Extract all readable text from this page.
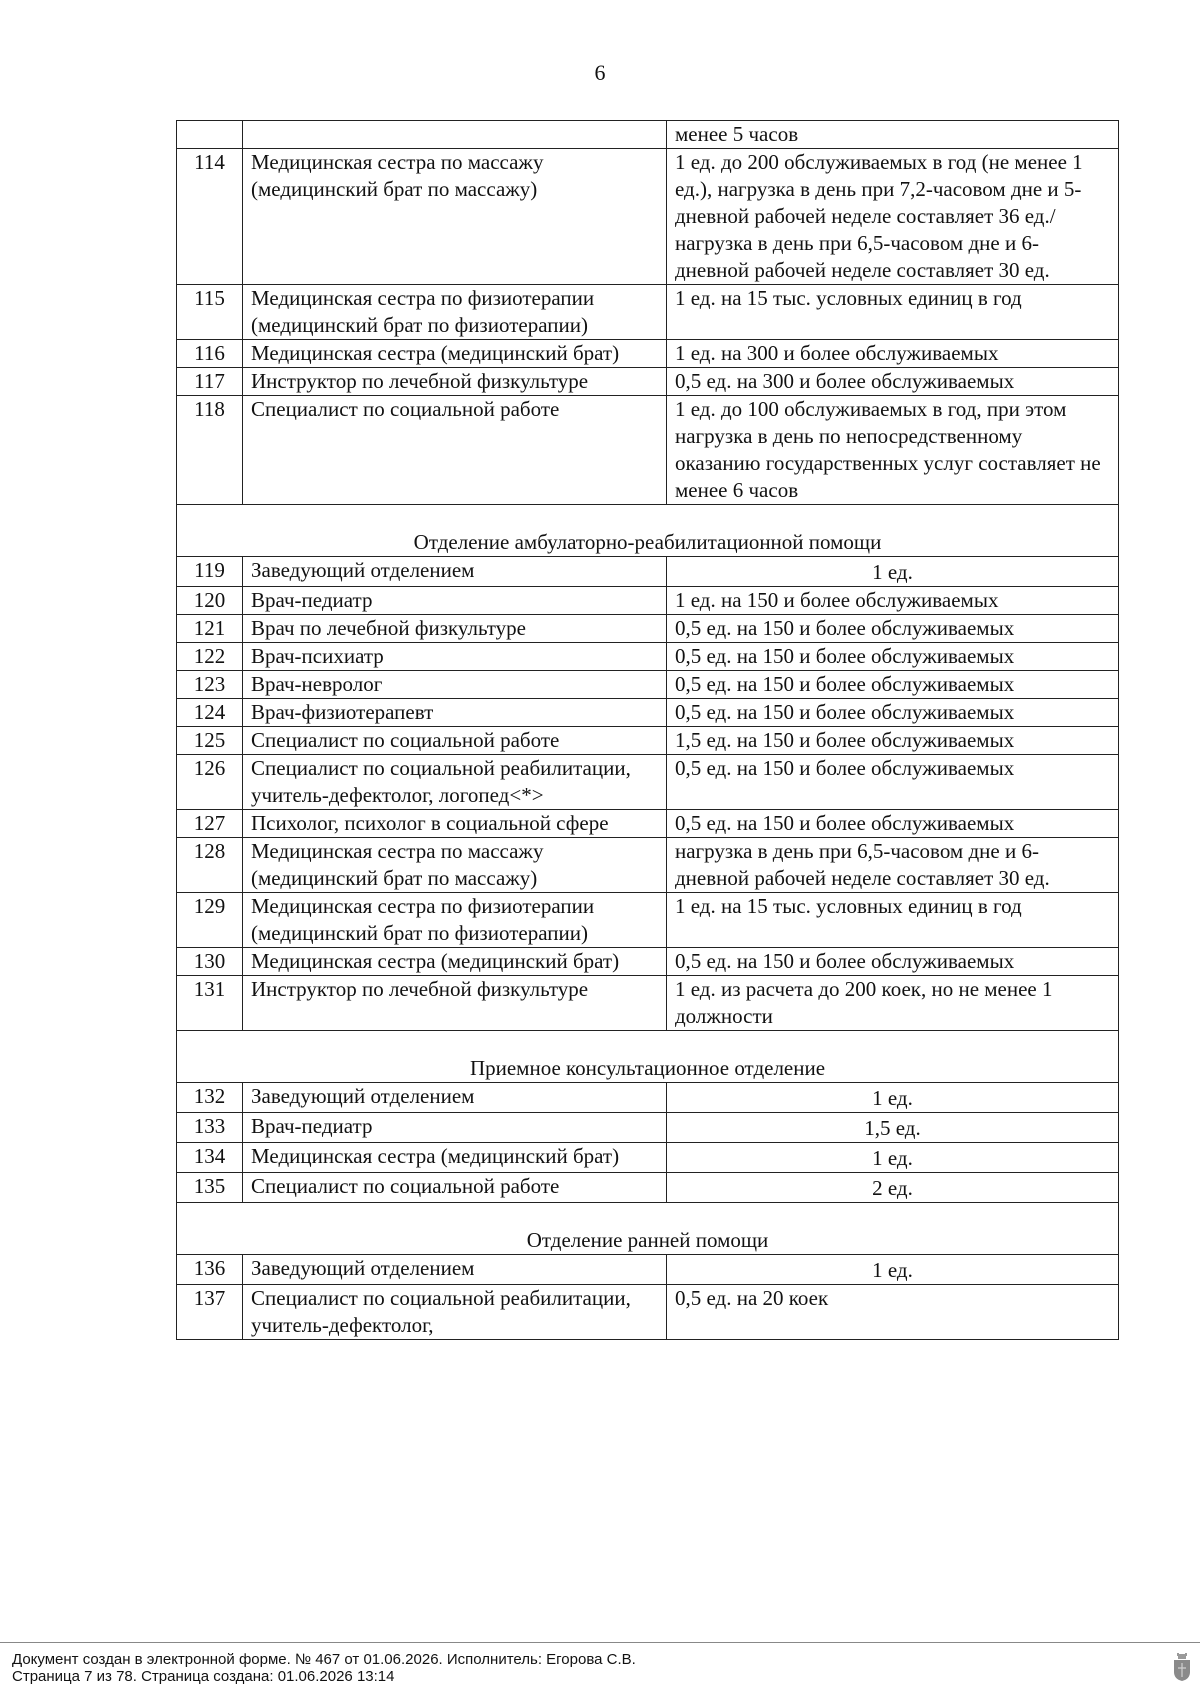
6
		менее 5 часов
114	Медицинская сестра по массажу (медицинский брат по массажу)	1 ед. до 200 обслуживаемых в год (не менее 1 ед.), нагрузка в день при 7,2-часовом дне и 5-дневной рабочей неделе составляет 36 ед./нагрузка в день при 6,5-часовом дне и 6-дневной рабочей неделе составляет 30 ед.
115	Медицинская сестра по физиотерапии (медицинский брат по физиотерапии)	1 ед. на 15 тыс. условных единиц в год
116	Медицинская сестра (медицинский брат)	1 ед. на 300 и более обслуживаемых
117	Инструктор по лечебной физкультуре	0,5 ед. на 300 и более обслуживаемых
118	Специалист по социальной работе	1 ед. до 100 обслуживаемых в год, при этом нагрузка в день по непосредственному оказанию государственных услуг составляет не менее 6 часов
Отделение амбулаторно-реабилитационной помощи		
119	Заведующий отделением	1 ед.
120	Врач-педиатр	1 ед. на 150 и более обслуживаемых
121	Врач по лечебной физкультуре	0,5 ед. на 150 и более обслуживаемых
122	Врач-психиатр	0,5 ед. на 150 и более обслуживаемых
123	Врач-невролог	0,5 ед. на 150 и более обслуживаемых
124	Врач-физиотерапевт	0,5 ед. на 150 и более обслуживаемых
125	Специалист по социальной работе	1,5 ед. на 150 и более обслуживаемых
126	Специалист по социальной реабилитации, учитель-дефектолог, логопед<*>	0,5 ед. на 150 и более обслуживаемых
127	Психолог, психолог в социальной сфере	0,5 ед. на 150 и более обслуживаемых
128	Медицинская сестра по массажу (медицинский брат по массажу)	нагрузка в день при 6,5-часовом дне и 6-дневной рабочей неделе составляет 30 ед.
129	Медицинская сестра по физиотерапии (медицинский брат по физиотерапии)	1 ед. на 15 тыс. условных единиц в год
130	Медицинская сестра (медицинский брат)	0,5 ед. на 150 и более обслуживаемых
131	Инструктор по лечебной физкультуре	1 ед. из расчета до 200 коек, но не менее 1 должности
Приемное консультационное отделение		
132	Заведующий отделением	1 ед.
133	Врач-педиатр	1,5 ед.
134	Медицинская сестра (медицинский брат)	1 ед.
135	Специалист по социальной работе	2 ед.
Отделение ранней помощи		
136	Заведующий отделением	1 ед.
137	Специалист по социальной реабилитации, учитель-дефектолог,	0,5 ед. на 20 коек
Документ создан в электронной форме. № 467 от 01.06.2026. Исполнитель: Егорова С.В.
Страница 7 из 78. Страница создана: 01.06.2026 13:14
